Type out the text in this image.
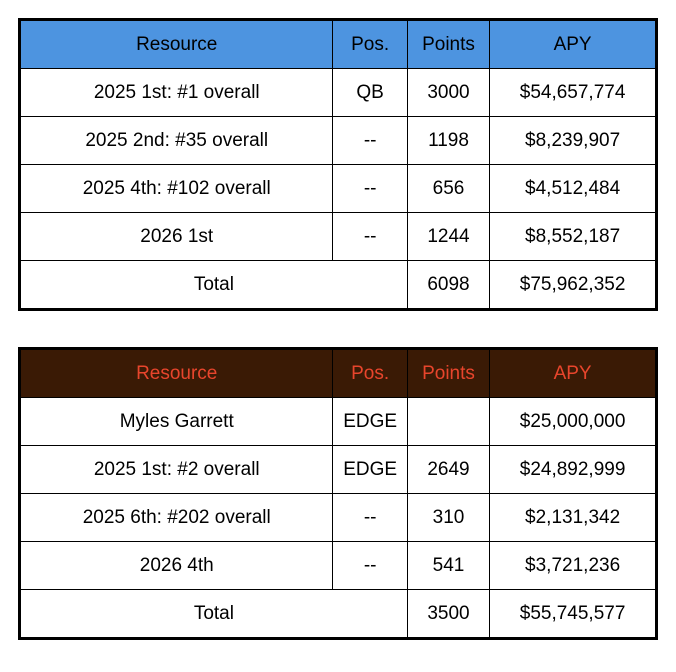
Resource	Pos.	Points	APY
2025 1st: #1 overall	QB	3000	$54,657,774
2025 2nd: #35 overall	--	1198	$8,239,907
2025 4th: #102 overall	--	656	$4,512,484
2026 1st	--	1244	$8,552,187
Total		6098	$75,962,352
Resource	Pos.	Points	APY
Myles Garrett	EDGE		$25,000,000
2025 1st: #2 overall	EDGE	2649	$24,892,999
2025 6th: #202 overall	--	310	$2,131,342
2026 4th	--	541	$3,721,236
Total		3500	$55,745,577
